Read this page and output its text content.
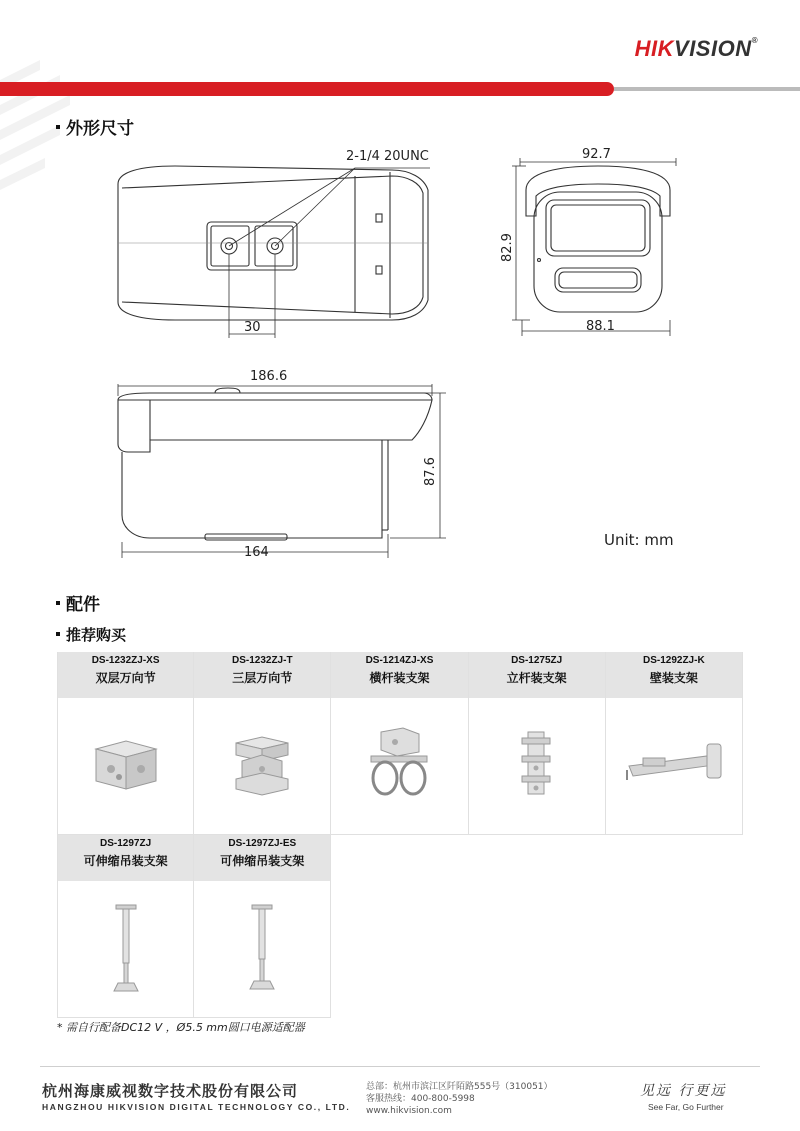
HIKVISION®
外形尺寸
2-1/4 20UNC
30
92.7
88.1
82.9
186.6
164
87.6
Unit: mm
配件
推荐购买
DS-1232ZJ-XS
双层万向节
DS-1232ZJ-T
三层万向节
DS-1214ZJ-XS
横杆装支架
DS-1275ZJ
立杆装支架
DS-1292ZJ-K
壁装支架
DS-1297ZJ
可伸缩吊装支架
DS-1297ZJ-ES
可伸缩吊装支架
* 需自行配备DC12 V ，Ø5.5 mm圆口电源适配器
杭州海康威视数字技术股份有限公司
HANGZHOU HIKVISION DIGITAL TECHNOLOGY CO., LTD.
总部：杭州市滨江区阡陌路555号（310051）
客服热线：400-800-5998
www.hikvision.com
见远 行更远
See Far, Go Further
